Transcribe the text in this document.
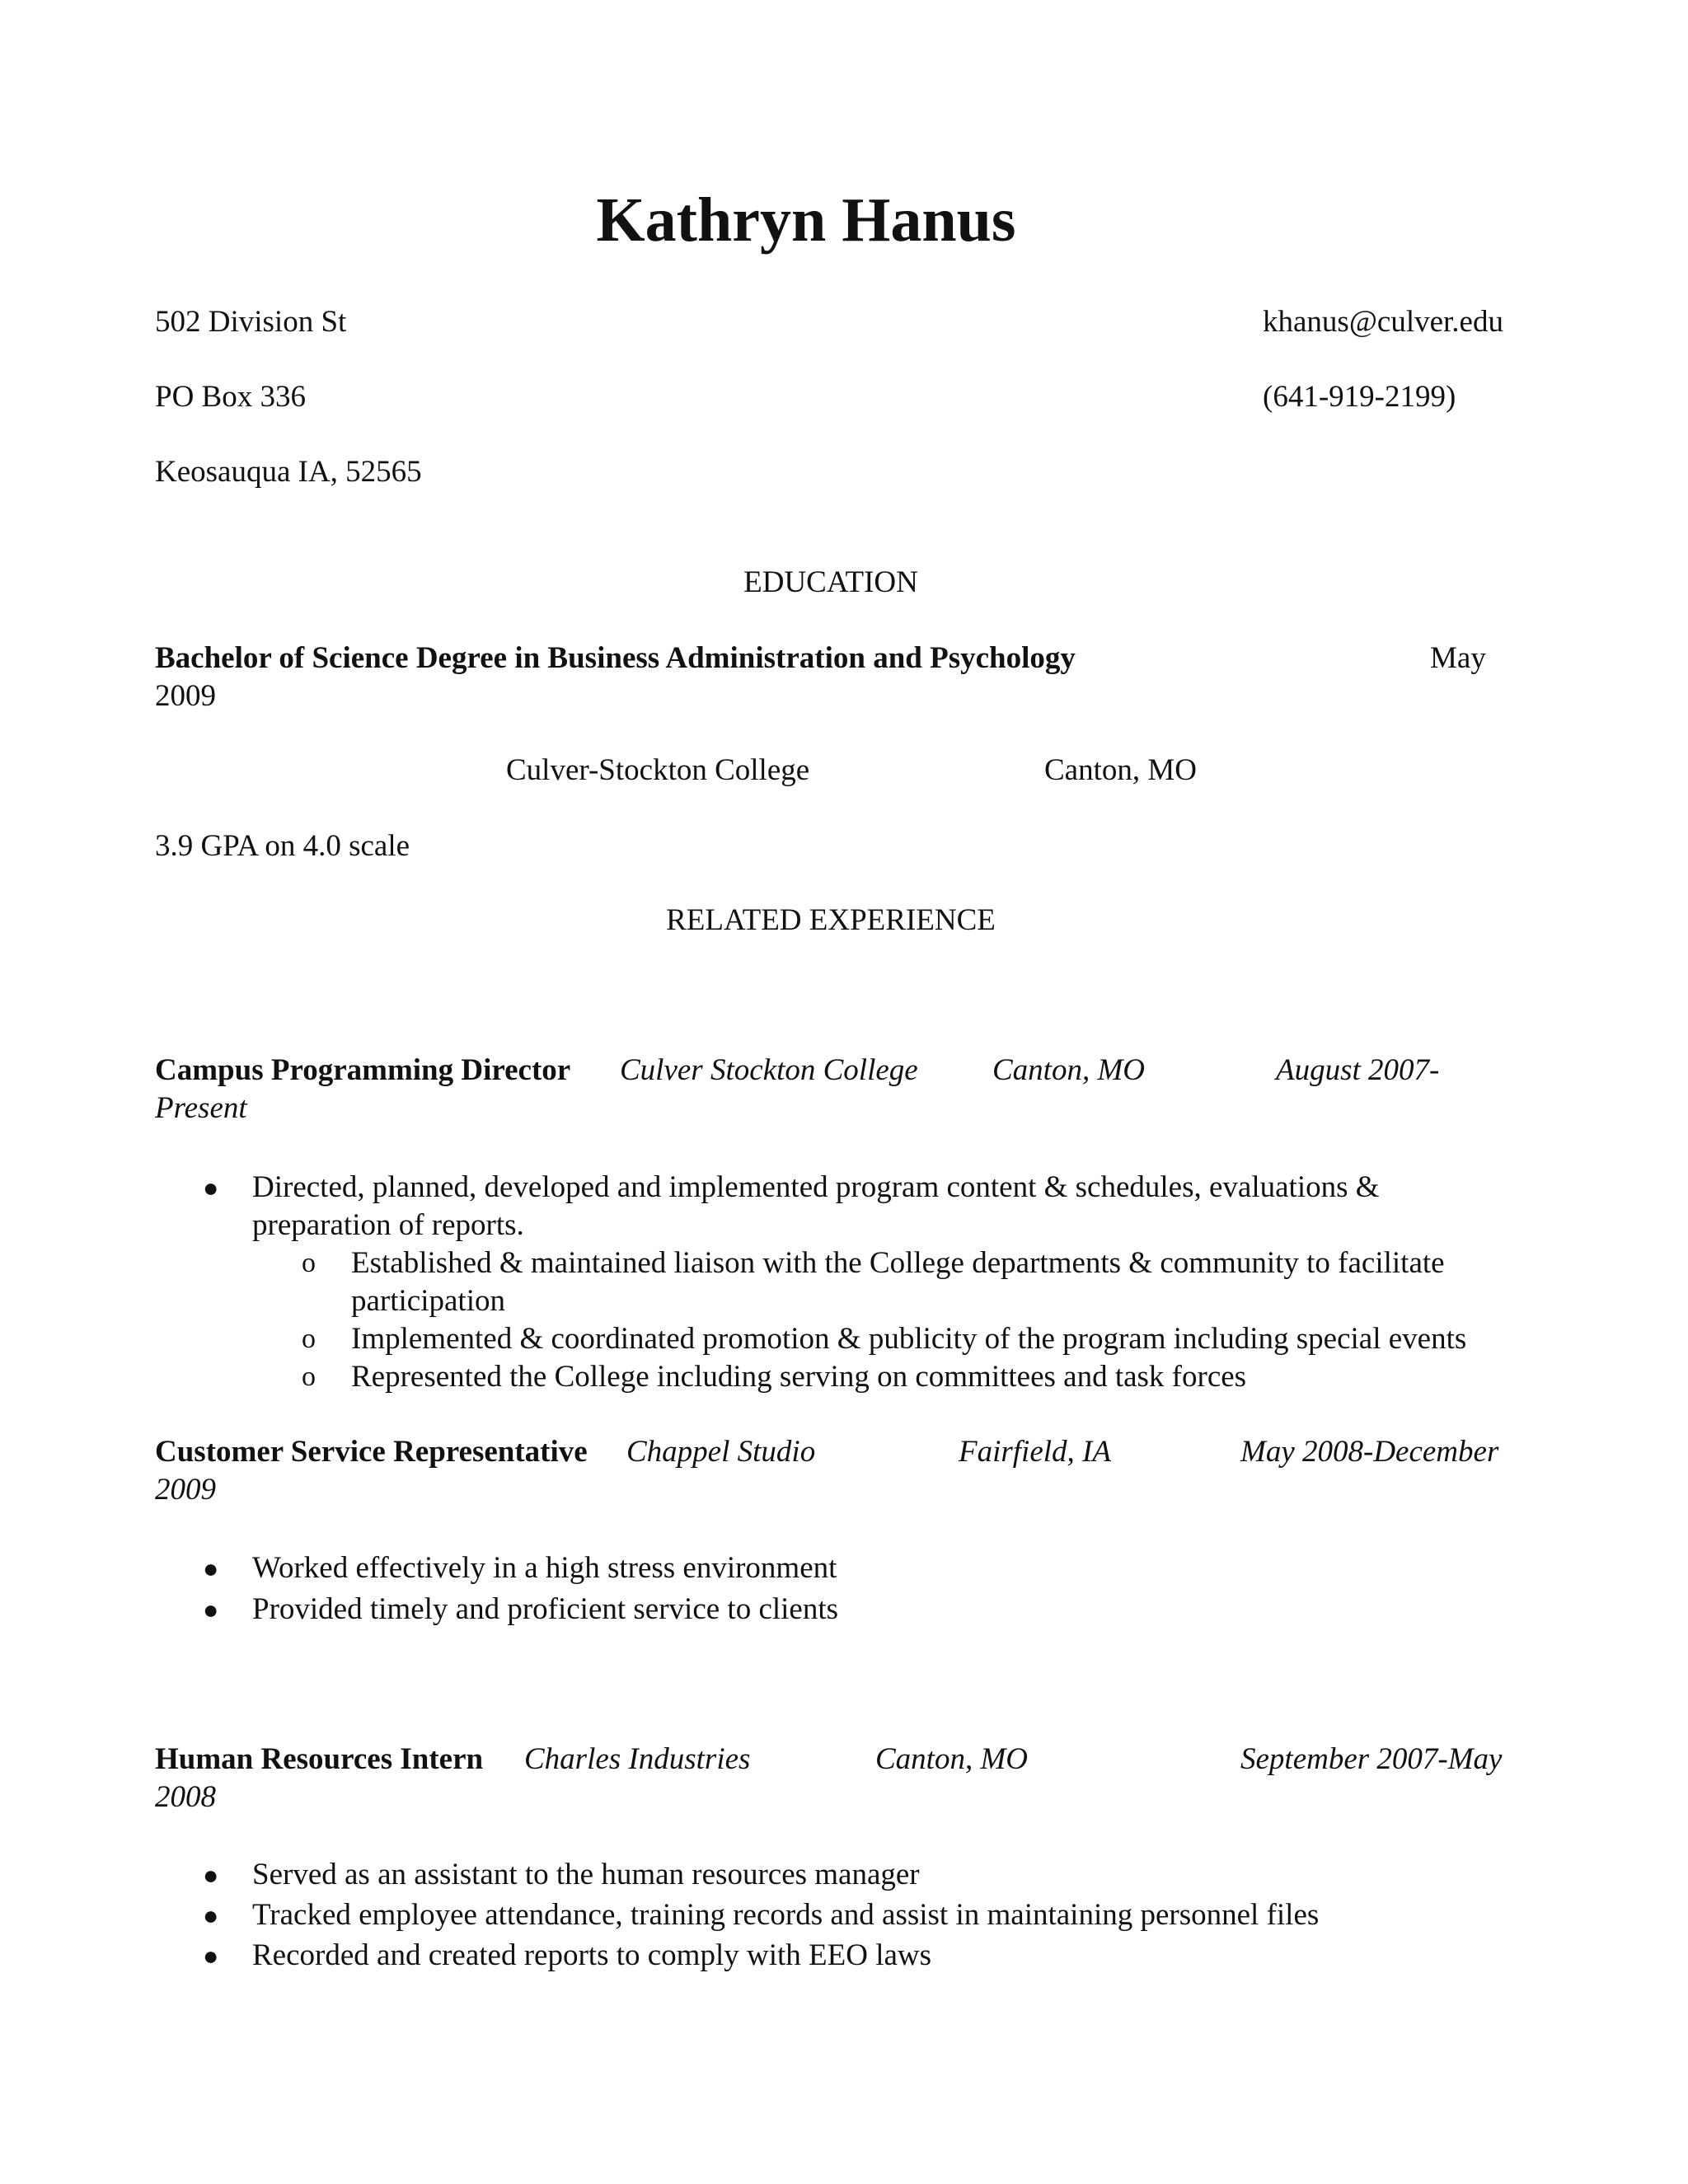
Kathryn Hanus
502 Division St	khanus@culver.edu
PO Box 336	(641-919-2199)
Keosauqua IA, 52565
EDUCATION
Bachelor of Science Degree in Business Administration and Psychology	May
2009
Culver-Stockton College	Canton, MO
3.9 GPA on 4.0 scale
RELATED EXPERIENCE
Campus Programming Director Culver Stockton College Canton, MO	August 2007-
Present
● Directed, planned, developed and implemented program content & schedules, evaluations &
preparation of reports.
o Established & maintained liaison with the College departments & community to facilitate
participation
o Implemented & coordinated promotion & publicity of the program including special events
o Represented the College including serving on committees and task forces
Customer Service Representative Chappel Studio	Fairfield, IA	May 2008-December
2009
● Worked effectively in a high stress environment
● Provided timely and proficient service to clients
Human Resources Intern Charles Industries	Canton, MO	September 2007-May
2008
● Served as an assistant to the human resources manager
● Tracked employee attendance, training records and assist in maintaining personnel files
● Recorded and created reports to comply with EEO laws
